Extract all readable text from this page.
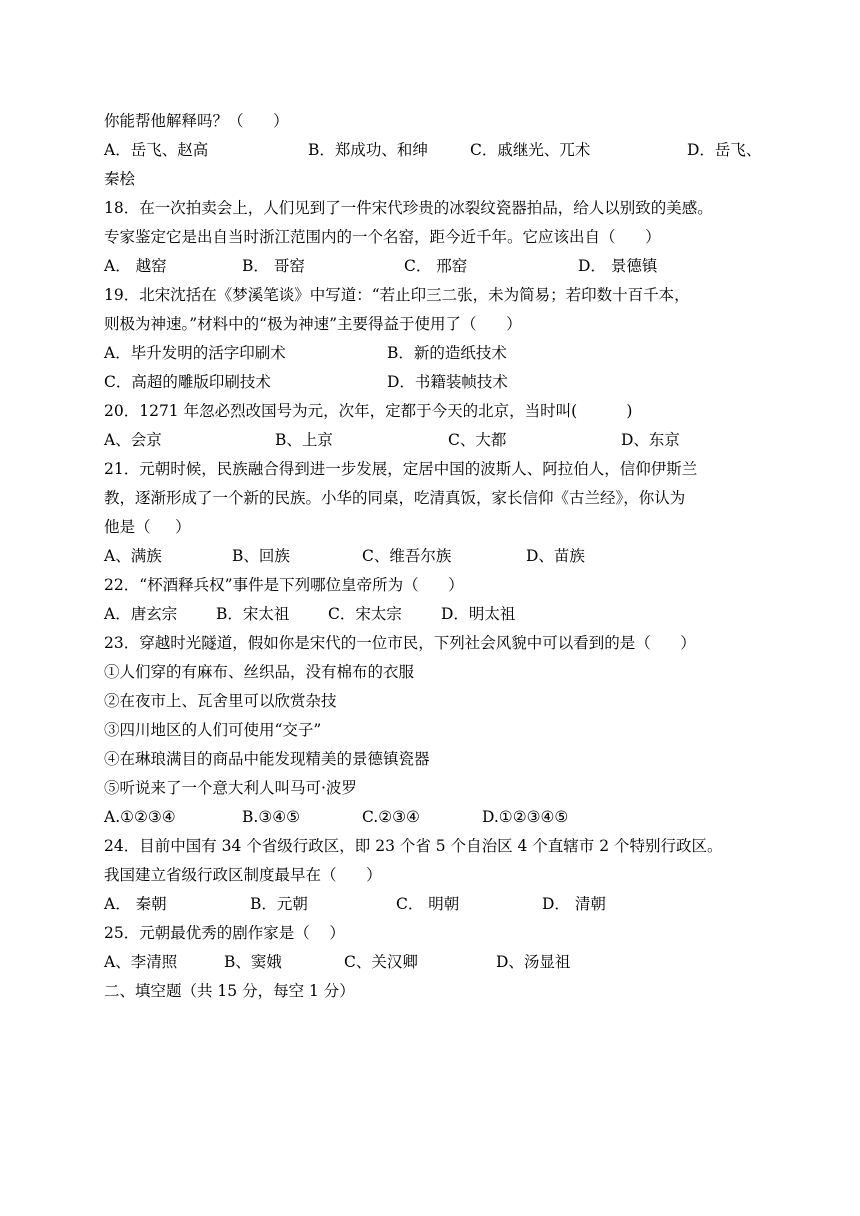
你能帮他解释吗？（      ）
A．岳飞、赵高	B．郑成功、和绅	C．戚继光、兀术	D．岳飞、
秦桧
18．在一次拍卖会上，人们见到了一件宋代珍贵的冰裂纹瓷器拍品，给人以别致的美感。
专家鉴定它是出自当时浙江范围内的一个名窑，距今近千年。它应该出自（      ）
A． 越窑	B． 哥窑	C． 邢窑	D． 景德镇
19．北宋沈括在《梦溪笔谈》中写道：“若止印三二张，未为简易；若印数十百千本，
则极为神速。”材料中的“极为神速”主要得益于使用了（      ）
A．毕升发明的活字印刷术	B．新的造纸技术
C．高超的雕版印刷技术	D．书籍装帧技术
20．1271 年忽必烈改国号为元，次年，定都于今天的北京，当时叫(          )
A、会京	B、上京	C、大都	D、东京
21．元朝时候，民族融合得到进一步发展，定居中国的波斯人、阿拉伯人，信仰伊斯兰
教，逐渐形成了一个新的民族。小华的同桌，吃清真饭，家长信仰《古兰经》，你认为
他是（     ）
A、满族	B、回族	C、维吾尔族	D、苗族
22．“杯酒释兵权”事件是下列哪位皇帝所为（      ）
A．唐玄宗	B．宋太祖 C．宋太宗	D．明太祖
23．穿越时光隧道，假如你是宋代的一位市民，下列社会风貌中可以看到的是（      ）
①人们穿的有麻布、丝织品，没有棉布的衣服
②在夜市上、瓦舍里可以欣赏杂技
③四川地区的人们可使用“交子”
④在琳琅满目的商品中能发现精美的景德镇瓷器
⑤听说来了一个意大利人叫马可·波罗
A.①②③④	B.③④⑤	C.②③④	D.①②③④⑤
24．目前中国有 34 个省级行政区，即 23 个省 5 个自治区 4 个直辖市 2 个特别行政区。
我国建立省级行政区制度最早在（      ）
A． 秦朝	B．元朝	C． 明朝	D． 清朝
25．元朝最优秀的剧作家是（    ）
A、李清照	B、窦娥	C、关汉卿	D、汤显祖
二、填空题（共 15 分，每空 1 分）
